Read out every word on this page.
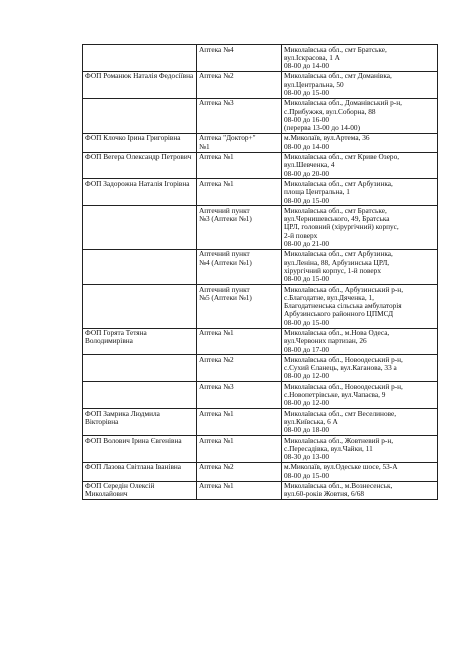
	Аптека №4	Миколаївська обл., смт Братське,
вул.Іскрасова, 1 А
08-00 до 14-00

ФОП Романюк Наталія Федосіївна	Аптека №2	Миколаївська обл., смт Доманівка,
вул.Центральна, 50
08-00 до 15-00

	Аптека №3	Миколаївська обл., Доманівський р-н,
с.Прибужжя, вул.Соборна, 88
08-00 до 16-00
(перерва 13-00 до 14-00)

ФОП Клочко Ірина Григорівна	Аптека "Доктор+"
№1	м.Миколаїв, вул.Артема, 36
08-00 до 14-00

ФОП Вегера Олександр Петрович	Аптека №1	Миколаївська обл., смт Криве Озеро,
вул.Шевченка, 4
08-00 до 20-00

ФОП Задорожна Наталія Ігорівна	Аптека №1	Миколаївська обл., смт Арбузинка,
площа Центральна, 1
08-00 до 15-00

	Аптечний пункт
№3 (Аптеки №1)	Миколаївська обл., смт Братське,
вул.Чернишевського, 49, Братська
ЦРЛ, головний (хірургічний) корпус,
2-й поверх
08-00 до 21-00

	Аптечний пункт
№4 (Аптеки №1)	Миколаївська обл., смт Арбузинка,
вул.Леніна, 88, Арбузинська ЦРЛ,
хірургічний корпус, 1-й поверх
08-00 до 15-00

	Аптечний пункт
№5 (Аптеки №1)	Миколаївська обл., Арбузинський р-н,
с.Благодатне, вул.Дяченка, 1,
Благодатненська сільська амбулаторія
Арбузинського районного ЦПМСД
08-00 до 15-00

ФОП Горята Тетяна Володимирівна	Аптека №1	Миколаївська обл., м.Нова Одеса,
вул.Червоних партизан, 26
08-00 до 17-00

	Аптека №2	Миколаївська обл., Новоодеський р-н,
с.Сухий Єланець, вул.Каганова, 33 а
08-00 до 12-00

	Аптека №3	Миколаївська обл., Новоодеський р-н,
с.Новопетрівське, вул.Чапаєва, 9
08-00 до 12-00

ФОП Замрика Людмила Вікторівна	Аптека №1	Миколаївська обл., смт Веселинове,
вул.Київська, 6 А
08-00 до 18-00

ФОП Волович Ірина Євгенівна	Аптека №1	Миколаївська обл., Жовтневий р-н,
с.Пересадівка, вул.Чайки, 11
08-30 до 13-00

ФОП Лазова Світлана Іванівна	Аптека №2	м.Миколаїв, вул.Одеське шосе, 53-А
08-00 до 15-00

ФОП Середін Олексій Миколайович	Аптека №1	Миколаївська обл., м.Вознесенськ,
вул.60-років Жовтня, 6/68
